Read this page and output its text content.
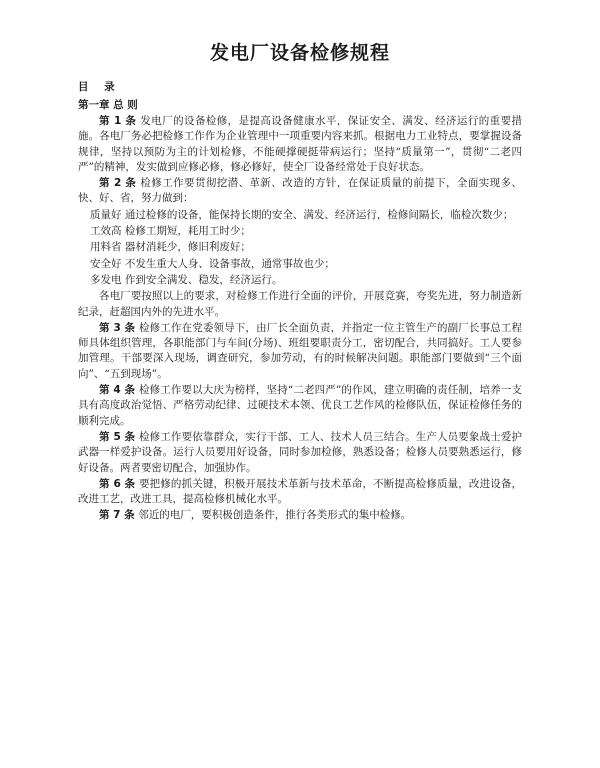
发电厂设备检修规程
目 录
第一章 总 则

第 1 条 发电厂的设备检修，是提高设备健康水平，保证安全、满发、经济运行的重要措施。各电厂务必把检修工作作为企业管理中一项重要内容来抓。根据电力工业特点，要掌握设备规律，坚持以预防为主的计划检修，不能硬撑硬挺带病运行；坚持“质量第一”，贯彻“二老四严”的精神，发实做到应修必修，修必修好，使全厂设备经常处于良好状态。

第 2 条 检修工作要贯彻挖潜、革新、改造的方针，在保证质量的前提下，全面实现多、快、好、省，努力做到：

质量好 通过检修的设备，能保持长期的安全、满发、经济运行，检修间隔长，临检次数少；

工效高 检修工期短，耗用工时少；

用料省 器材消耗少，修旧利废好；

安全好 不发生重大人身、设备事故，通常事故也少；

多发电 作到安全满发、稳发，经济运行。

各电厂要按照以上的要求，对检修工作进行全面的评价，开展竞赛，夸奖先进，努力制造新纪录，赶超国内外的先进水平。

第 3 条 检修工作在党委领导下，由厂长全面负责，并指定一位主管生产的副厂长事总工程师具体组织管理，各职能部门与车间(分场)、班组要职责分工，密切配合，共同搞好。工人要参加管理。干部要深入现场，调查研究，参加劳动，有的时候解决问题。职能部门要做到“三个面向”、“五到现场”。

第 4 条 检修工作要以大庆为榜样，坚持“二老四严”的作风，建立明确的责任制，培养一支具有高度政治觉悟、严格劳动纪律、过硬技术本领、优良工艺作风的检修队伍，保证检修任务的顺利完成。

第 5 条 检修工作要依靠群众，实行干部、工人、技术人员三结合。生产人员要象战士爱护武器一样爱护设备。运行人员要用好设备，同时参加检修，熟悉设备；检修人员要熟悉运行，修好设备。两者要密切配合，加强协作。

第 6 条 要把修的抓关键，积极开展技术革新与技术革命，不断提高检修质量，改进设备，改进工艺，改进工具，提高检修机械化水平。

第 7 条 邻近的电厂，要积极创造条件，推行各类形式的集中检修。
